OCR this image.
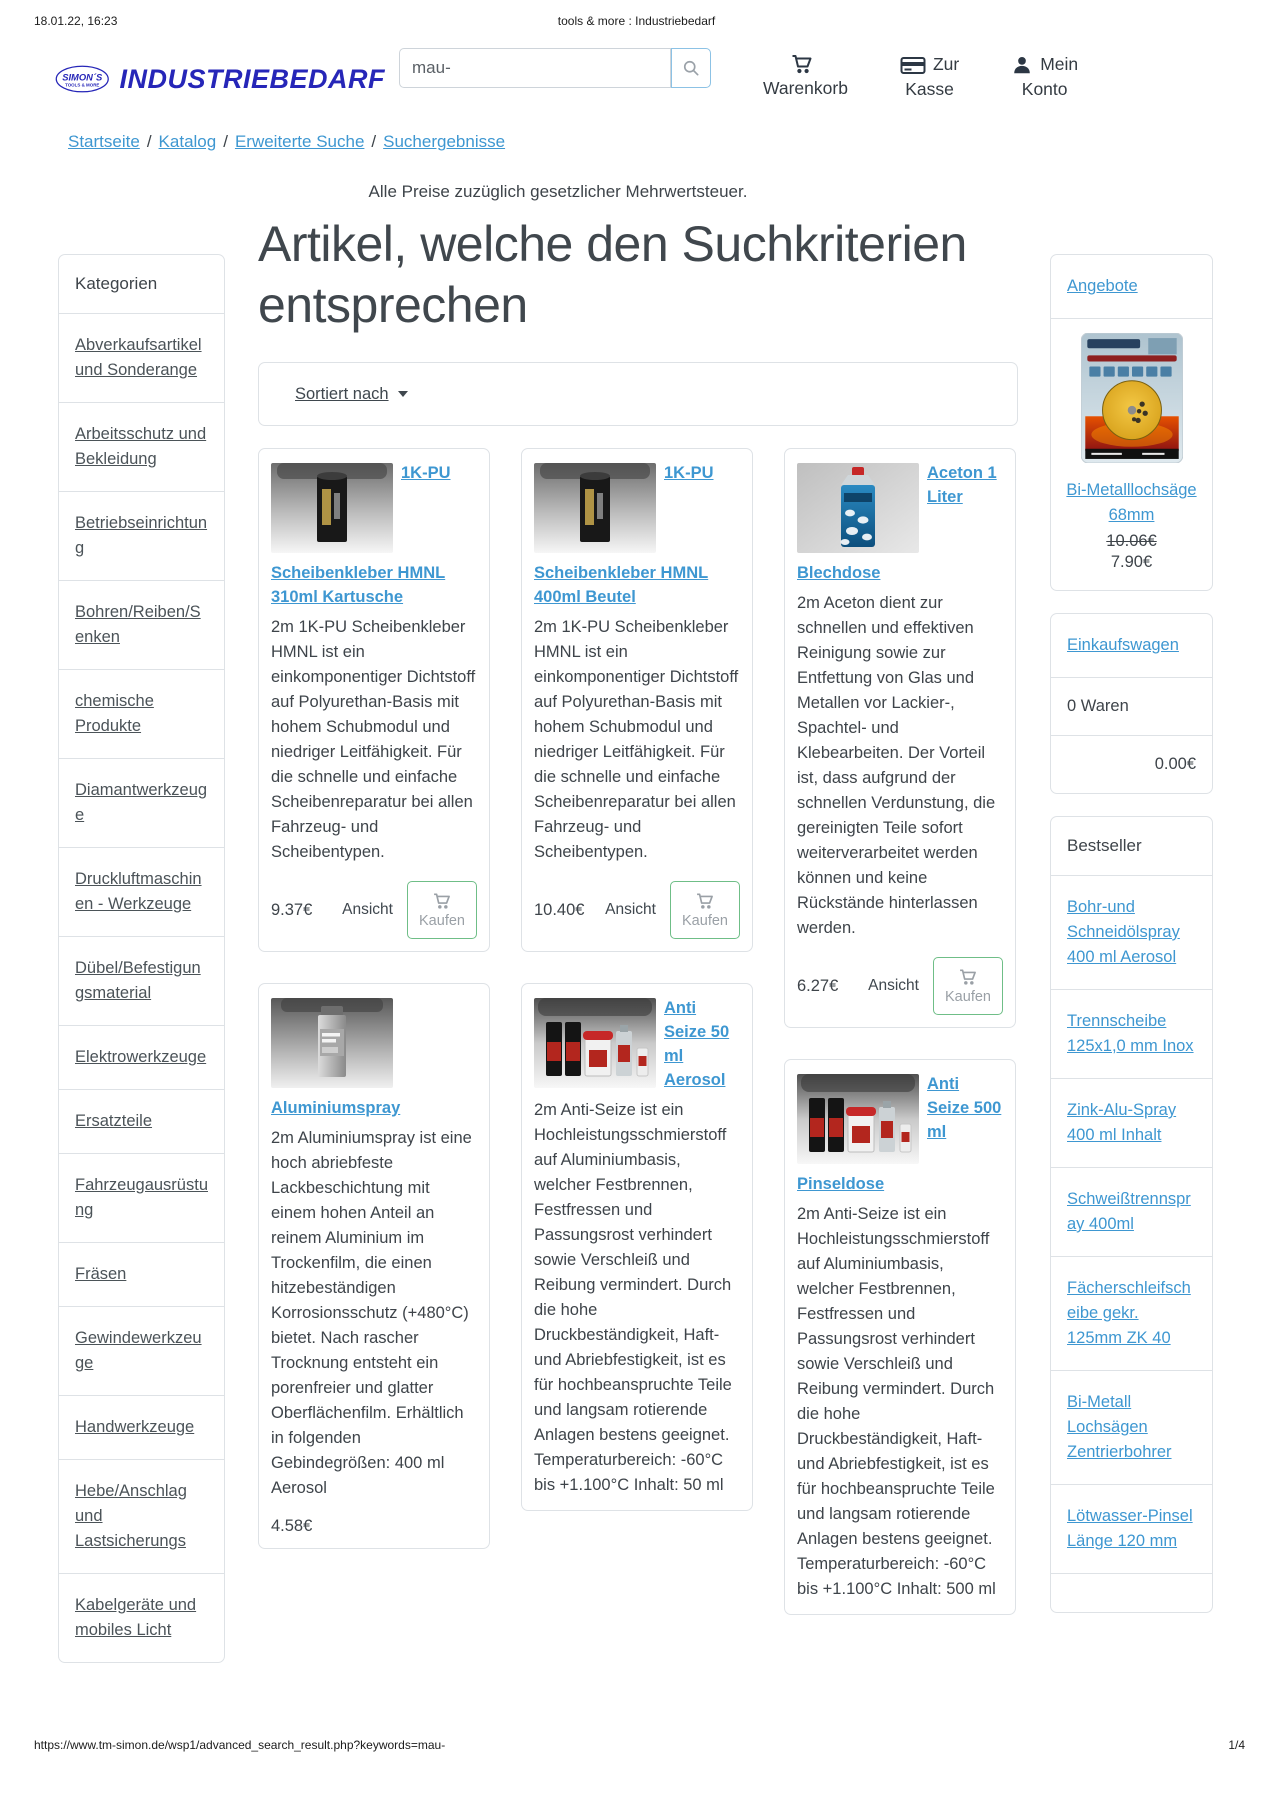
18.01.22, 16:23	tools & more : Industriebedarf
SIMON´S
TOOLS & MORE INDUSTRIEBEDARF
mau-	Warenkorb
Zur
Kasse
Mein
Konto
Startseite / Katalog / Erweiterte Suche / Suchergebnisse
Alle Preise zuzüglich gesetzlicher Mehrwertsteuer.
Kategorien
Abverkaufsartikel und Sonderange
Arbeitsschutz und Bekleidung
Betriebseinrichtung
Bohren/Reiben/Senken
chemische Produkte
Diamantwerkzeuge
Druckluftmaschinen - Werkzeuge
Dübel/Befestigungsmaterial
Elektrowerkzeuge
Ersatzteile
Fahrzeugausrüstung
Fräsen
Gewindewerkzeuge
Handwerkzeuge
Hebe/Anschlag und Lastsicherungs
Kabelgeräte und mobiles Licht
Artikel, welche den Suchkriterien entsprechen
Sortiert nach
1K-PU Scheibenkleber HMNL 310ml Kartusche

2m 1K-PU Scheibenkleber HMNL ist ein einkomponentiger Dichtstoff auf Polyurethan-Basis mit hohem Schubmodul und niedriger Leitfähigkeit. Für die schnelle und einfache Scheibenreparatur bei allen Fahrzeug- und Scheibentypen.

9.37€	Ansicht
Kaufen
Aluminiumspray

2m Aluminiumspray ist eine hoch abriebfeste Lackbeschichtung mit einem hohen Anteil an reinem Aluminium im Trockenfilm, die einen hitzebeständigen Korrosionsschutz (+480°C) bietet. Nach rascher Trocknung entsteht ein porenfreier und glatter Oberflächenfilm. Erhältlich in folgenden Gebindegrößen: 400 ml Aerosol

4.58€
1K-PU Scheibenkleber HMNL 400ml Beutel

2m 1K-PU Scheibenkleber HMNL ist ein einkomponentiger Dichtstoff auf Polyurethan-Basis mit hohem Schubmodul und niedriger Leitfähigkeit. Für die schnelle und einfache Scheibenreparatur bei allen Fahrzeug- und Scheibentypen.

10.40€	Ansicht
Kaufen
Anti Seize 50 ml Aerosol

2m Anti-Seize ist ein Hochleistungsschmierstoff auf Aluminiumbasis, welcher Festbrennen, Festfressen und Passungsrost verhindert sowie Verschleiß und Reibung vermindert. Durch die hohe Druckbeständigkeit, Haft- und Abriebfestigkeit, ist es für hochbeanspruchte Teile und langsam rotierende Anlagen bestens geeignet. Temperaturbereich: -60°C bis +1.100°C Inhalt: 50 ml

Aceton 1 Liter Blechdose

2m Aceton dient zur schnellen und effektiven Reinigung sowie zur Entfettung von Glas und Metallen vor Lackier-, Spachtel- und Klebearbeiten. Der Vorteil ist, dass aufgrund der schnellen Verdunstung, die gereinigten Teile sofort weiterverarbeitet werden können und keine Rückstände hinterlassen werden.

6.27€	Ansicht
Kaufen
Anti Seize 500 ml Pinseldose

2m Anti-Seize ist ein Hochleistungsschmierstoff auf Aluminiumbasis, welcher Festbrennen, Festfressen und Passungsrost verhindert sowie Verschleiß und Reibung vermindert. Durch die hohe Druckbeständigkeit, Haft- und Abriebfestigkeit, ist es für hochbeanspruchte Teile und langsam rotierende Anlagen bestens geeignet. Temperaturbereich: -60°C bis +1.100°C Inhalt: 500 ml

Angebote
Bi-Metalllochsäge 68mm
10.06€
7.90€
Einkaufswagen
0 Waren
0.00€
Bestseller
Bohr-und Schneidölspray 400 ml Aerosol
Trennscheibe 125x1,0 mm Inox
Zink-Alu-Spray 400 ml Inhalt
Schweißtrennspray 400ml
Fächerschleifscheibe gekr. 125mm ZK 40
Bi-Metall Lochsägen Zentrierbohrer
Lötwasser-Pinsel Länge 120 mm
https://www.tm-simon.de/wsp1/advanced_search_result.php?keywords=mau-	1/4
